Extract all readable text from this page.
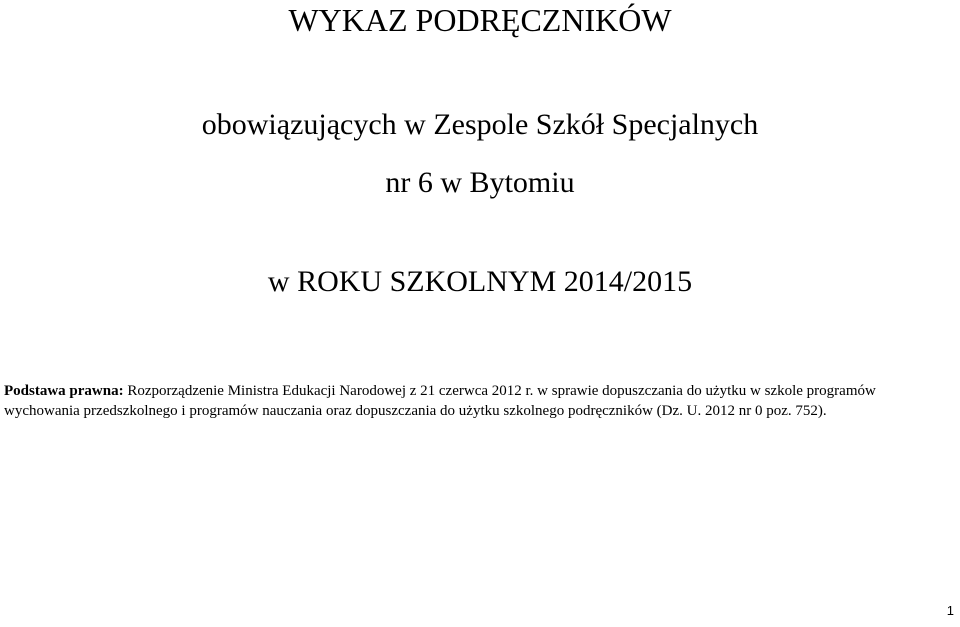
WYKAZ PODRĘCZNIKÓW
obowiązujących w Zespole Szkół Specjalnych
nr 6 w Bytomiu
w ROKU SZKOLNYM 2014/2015

Podstawa prawna: Rozporządzenie Ministra Edukacji Narodowej z 21 czerwca 2012 r. w sprawie dopuszczania do użytku w szkole programów
wychowania przedszkolnego i programów nauczania oraz dopuszczania do użytku szkolnego podręczników (Dz. U. 2012 nr 0 poz. 752).

1
